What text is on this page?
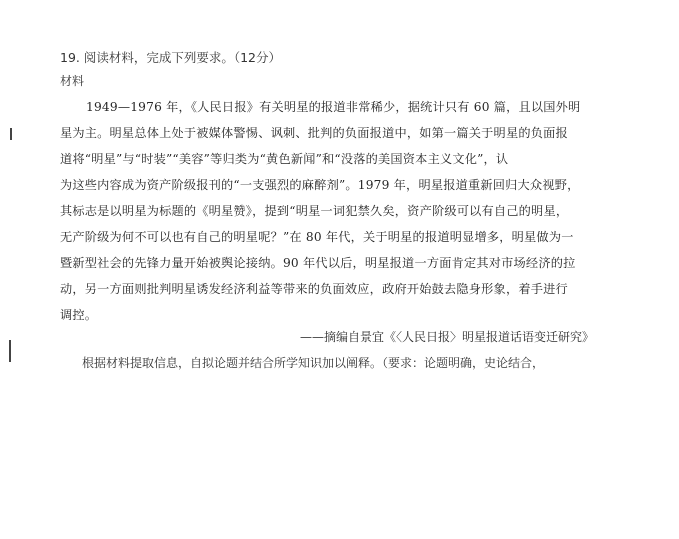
19. 阅读材料，完成下列要求。（12分）
材料
1949—1976 年，《人民日报》有关明星的报道非常稀少，据统计只有 60 篇，且以国外明
星为主。明星总体上处于被媒体警惕、讽刺、批判的负面报道中，如第一篇关于明星的负面报
道将“明星”与“时装”“美容”等归类为“黄色新闻”和“没落的美国资本主义文化”，认
为这些内容成为资产阶级报刊的“一支强烈的麻醉剂”。1979 年，明星报道重新回归大众视野，
其标志是以明星为标题的《明星赞》，提到“明星一词犯禁久矣，资产阶级可以有自己的明星，
无产阶级为何不可以也有自己的明星呢？”在 80 年代，关于明星的报道明显增多，明星做为一
暨新型社会的先锋力量开始被舆论接纳。90 年代以后，明星报道一方面肯定其对市场经济的拉
动，另一方面则批判明星诱发经济利益等带来的负面效应，政府开始鼓去隐身形象，着手进行
调控。
——摘编自景宜《〈人民日报〉明星报道话语变迁研究》
根据材料提取信息，自拟论题并结合所学知识加以阐释。（要求：论题明确，史论结合，
